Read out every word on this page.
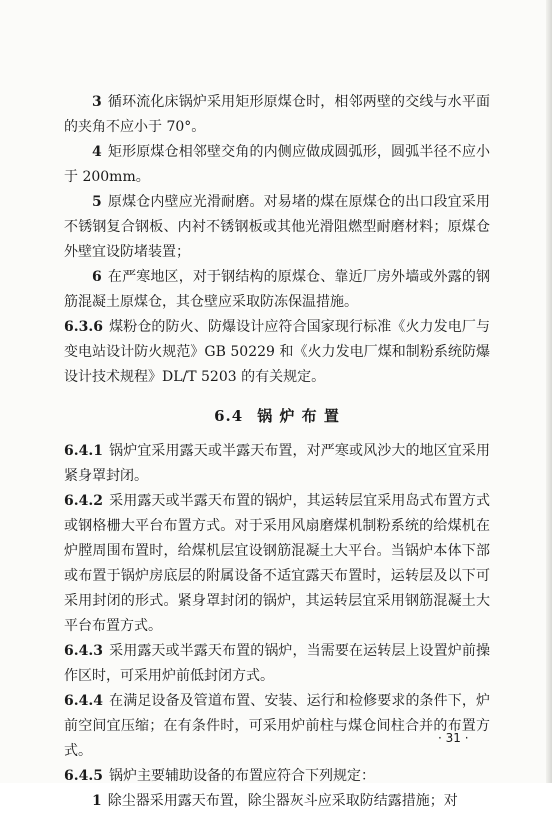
3 循环流化床锅炉采用矩形原煤仓时，相邻两壁的交线与水平面的夹角不应小于 70°。

4 矩形原煤仓相邻壁交角的内侧应做成圆弧形，圆弧半径不应小于 200mm。

5 原煤仓内壁应光滑耐磨。对易堵的煤在原煤仓的出口段宜采用不锈钢复合钢板、内衬不锈钢板或其他光滑阻燃型耐磨材料；原煤仓外壁宜设防堵装置；

6 在严寒地区，对于钢结构的原煤仓、靠近厂房外墙或外露的钢筋混凝土原煤仓，其仓壁应采取防冻保温措施。

6.3.6 煤粉仓的防火、防爆设计应符合国家现行标准《火力发电厂与变电站设计防火规范》GB 50229 和《火力发电厂煤和制粉系统防爆设计技术规程》DL/T 5203 的有关规定。

6.4 锅 炉 布 置

6.4.1 锅炉宜采用露天或半露天布置，对严寒或风沙大的地区宜采用紧身罩封闭。

6.4.2 采用露天或半露天布置的锅炉，其运转层宜采用岛式布置方式或钢格栅大平台布置方式。对于采用风扇磨煤机制粉系统的给煤机在炉膛周围布置时，给煤机层宜设钢筋混凝土大平台。当锅炉本体下部或布置于锅炉房底层的附属设备不适宜露天布置时，运转层及以下可采用封闭的形式。紧身罩封闭的锅炉，其运转层宜采用钢筋混凝土大平台布置方式。

6.4.3 采用露天或半露天布置的锅炉，当需要在运转层上设置炉前操作区时，可采用炉前低封闭方式。

6.4.4 在满足设备及管道布置、安装、运行和检修要求的条件下，炉前空间宜压缩；在有条件时，可采用炉前柱与煤仓间柱合并的布置方式。

6.4.5 锅炉主要辅助设备的布置应符合下列规定：

1 除尘器采用露天布置，除尘器灰斗应采取防结露措施；对

· 31 ·
